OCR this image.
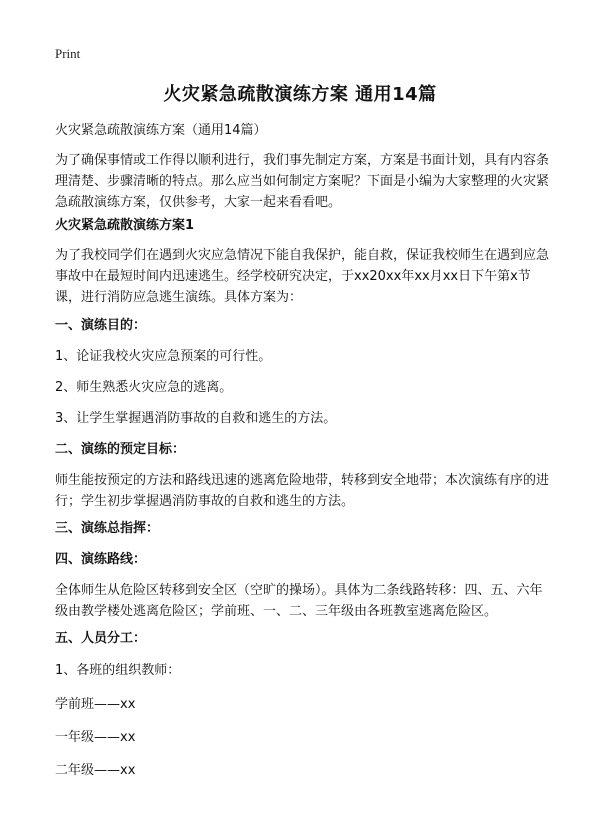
Print
火灾紧急疏散演练方案 通用14篇

火灾紧急疏散演练方案（通用14篇）

为了确保事情或工作得以顺利进行，我们事先制定方案，方案是书面计划，具有内容条理清楚、步骤清晰的特点。那么应当如何制定方案呢？下面是小编为大家整理的火灾紧急疏散演练方案，仅供参考，大家一起来看看吧。

火灾紧急疏散演练方案1

为了我校同学们在遇到火灾应急情况下能自我保护，能自救，保证我校师生在遇到应急事故中在最短时间内迅速逃生。经学校研究决定，于xx20xx年xx月xx日下午第x节课，进行消防应急逃生演练。具体方案为：

一、演练目的：

1、论证我校火灾应急预案的可行性。

2、师生熟悉火灾应急的逃离。

3、让学生掌握遇消防事故的自救和逃生的方法。

二、演练的预定目标：

师生能按预定的方法和路线迅速的逃离危险地带，转移到安全地带；本次演练有序的进行；学生初步掌握遇消防事故的自救和逃生的方法。

三、演练总指挥：

四、演练路线：

全体师生从危险区转移到安全区（空旷的操场）。具体为二条线路转移：四、五、六年级由教学楼处逃离危险区；学前班、一、二、三年级由各班教室逃离危险区。

五、人员分工：

1、各班的组织教师：

学前班——xx

一年级——xx

二年级——xx
